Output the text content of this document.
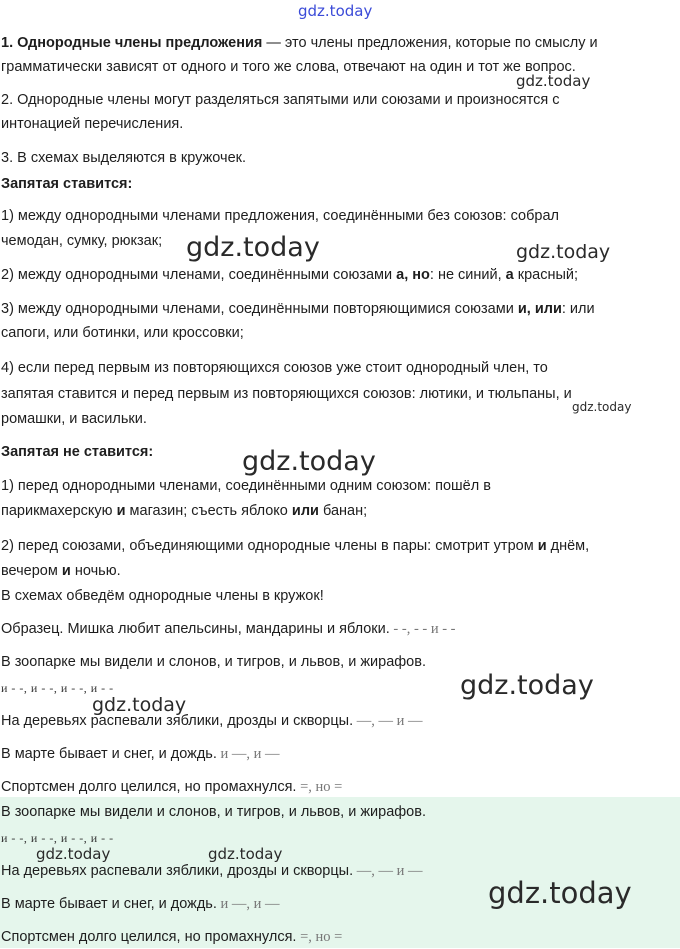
1. Однородные члены предложения — это члены предложения, которые по смыслу и
грамматически зависят от одного и того же слова, отвечают на один и тот же вопрос.
2. Однородные члены могут разделяться запятыми или союзами и произносятся с
интонацией перечисления.
3. В схемах выделяются в кружочек.
Запятая ставится:
1) между однородными членами предложения, соединёнными без союзов: собрал
чемодан, сумку, рюкзак;
2) между однородными членами, соединёнными союзами а, но: не синий, а красный;
3) между однородными членами, соединёнными повторяющимися союзами и, или: или
сапоги, или ботинки, или кроссовки;
4) если перед первым из повторяющихся союзов уже стоит однородный член, то
запятая ставится и перед первым из повторяющихся союзов: лютики, и тюльпаны, и
ромашки, и васильки.
Запятая не ставится:
1) перед однородными членами, соединёнными одним союзом: пошёл в
парикмахерскую и магазин; съесть яблоко или банан;
2) перед союзами, объединяющими однородные члены в пары: смотрит утром и днём,
вечером и ночью.
В схемах обведём однородные члены в кружок!
Образец. Мишка любит апельсины, мандарины и яблоки. - -, - - и - -
В зоопарке мы видели и слонов, и тигров, и львов, и жирафов.
и - -, и - -, и - -, и - -
На деревьях распевали зяблики, дрозды и скворцы. —, — и —
В марте бывает и снег, и дождь. и —, и —
Спортсмен долго целился, но промахнулся. =, но =
В зоопарке мы видели и слонов, и тигров, и львов, и жирафов.
и - -, и - -, и - -, и - -
На деревьях распевали зяблики, дрозды и скворцы. —, — и —
В марте бывает и снег, и дождь. и —, и —
Спортсмен долго целился, но промахнулся. =, но =
gdz.today
gdz.today
gdz.today	gdz.today
gdz.today
gdz.today
gdz.today
gdz.today
gdz.today	gdz.today
gdz.today
